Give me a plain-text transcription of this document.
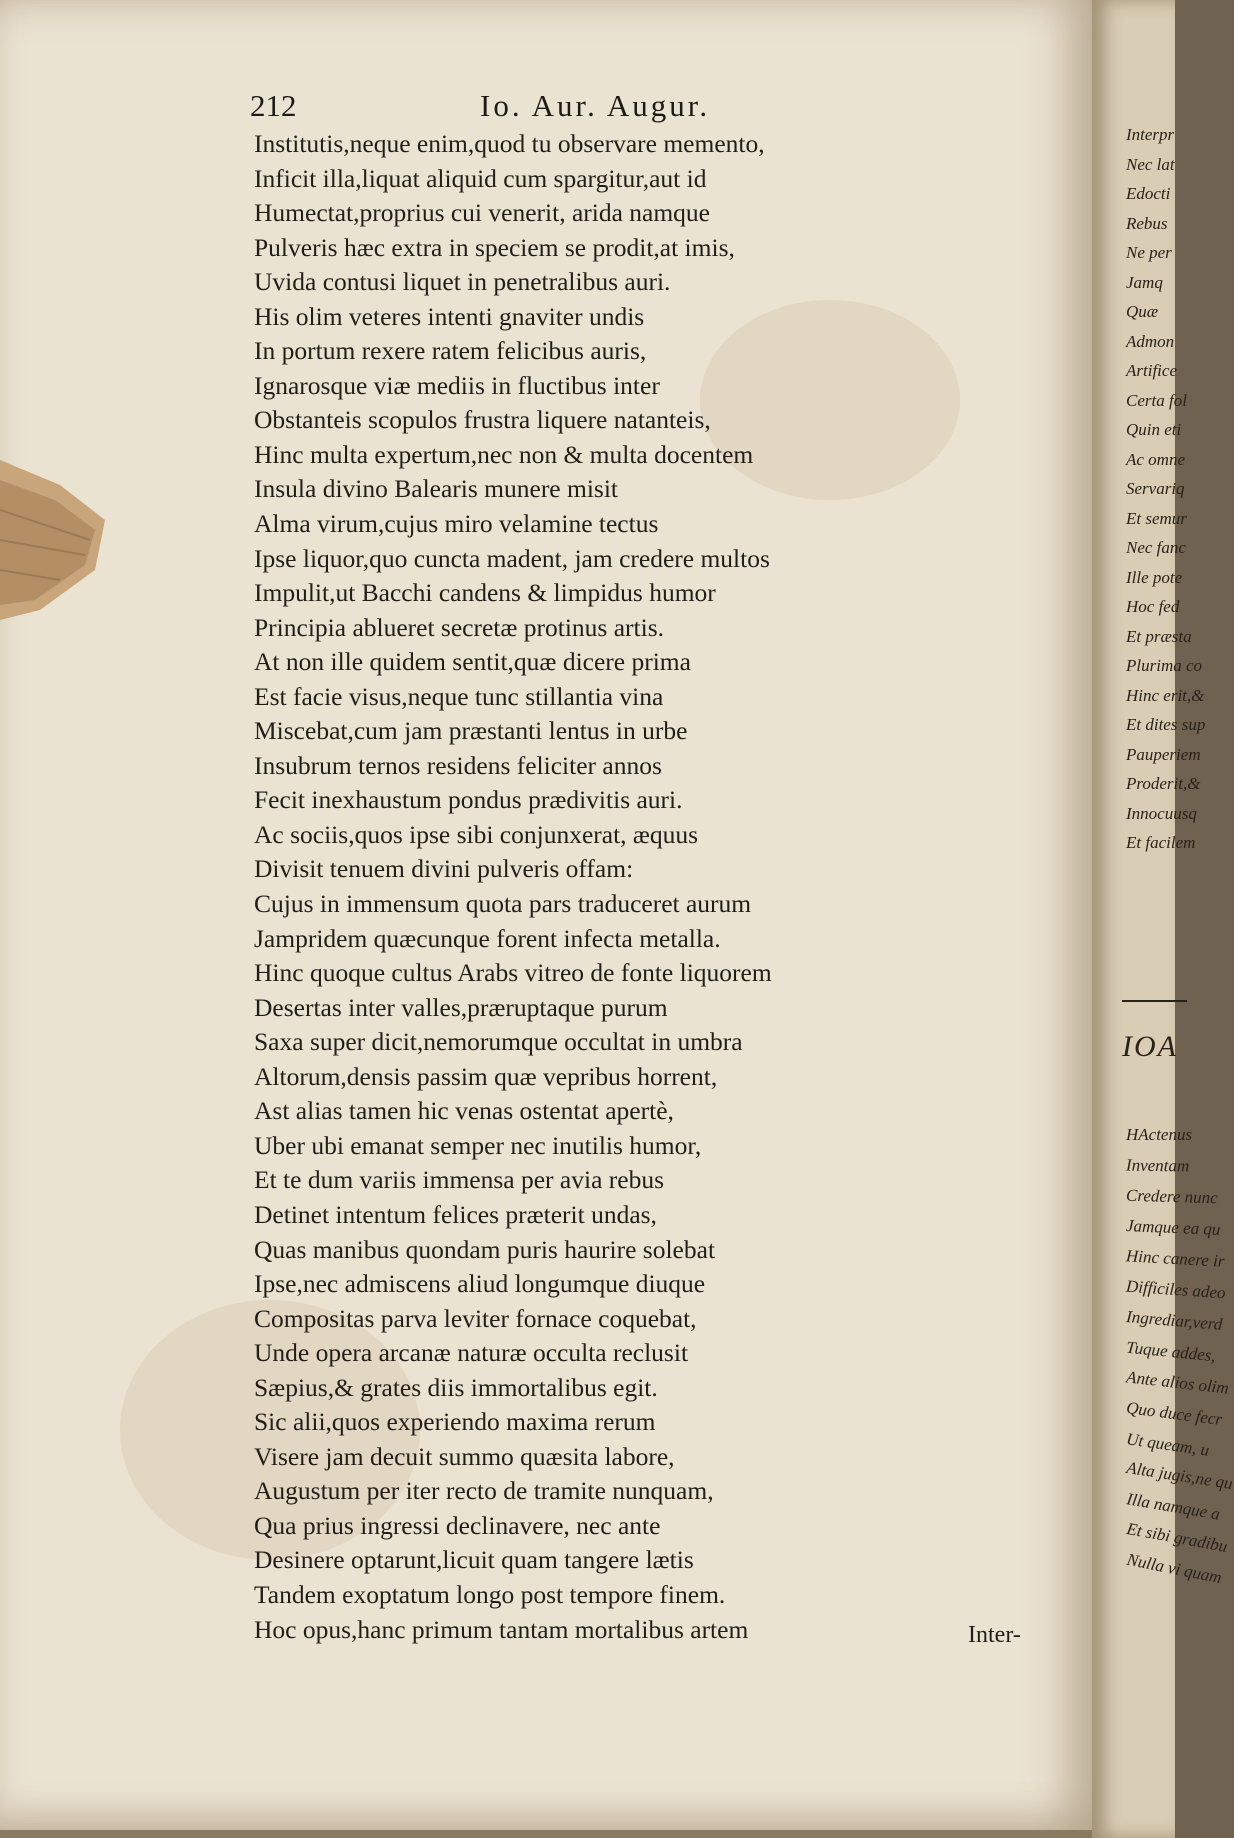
212	Io. Aur. Augur.
Institutis,neque enim,quod tu observare memento,
Inficit illa,liquat aliquid cum spargitur,aut id
Humectat,proprius cui venerit, arida namque
Pulveris hæc extra in speciem se prodit,at imis,
Uvida contusi liquet in penetralibus auri.
His olim veteres intenti gnaviter undis
In portum rexere ratem felicibus auris,
Ignarosque viæ mediis in fluctibus inter
Obstanteis scopulos frustra liquere natanteis,
Hinc multa expertum,nec non & multa docentem
Insula divino Balearis munere misit
Alma virum,cujus miro velamine tectus
Ipse liquor,quo cuncta madent, jam credere multos
Impulit,ut Bacchi candens & limpidus humor
Principia ablueret secretæ protinus artis.
At non ille quidem sentit,quæ dicere prima
Est facie visus,neque tunc stillantia vina
Miscebat,cum jam præstanti lentus in urbe
Insubrum ternos residens feliciter annos
Fecit inexhaustum pondus prædivitis auri.
Ac sociis,quos ipse sibi conjunxerat, æquus
Divisit tenuem divini pulveris offam:
Cujus in immensum quota pars traduceret aurum
Jampridem quæcunque forent infecta metalla.
Hinc quoque cultus Arabs vitreo de fonte liquorem
Desertas inter valles,præruptaque purum
Saxa super dicit,nemorumque occultat in umbra
Altorum,densis passim quæ vepribus horrent,
Ast alias tamen hic venas ostentat apertè,
Uber ubi emanat semper nec inutilis humor,
Et te dum variis immensa per avia rebus
Detinet intentum felices præterit undas,
Quas manibus quondam puris haurire solebat
Ipse,nec admiscens aliud longumque diuque
Compositas parva leviter fornace coquebat,
Unde opera arcanæ naturæ occulta reclusit
Sæpius,& grates diis immortalibus egit.
Sic alii,quos experiendo maxima rerum
Visere jam decuit summo quæsita labore,
Augustum per iter recto de tramite nunquam,
Qua prius ingressi declinavere, nec ante
Desinere optarunt,licuit quam tangere lætis
Tandem exoptatum longo post tempore finem.
Hoc opus,hanc primum tantam mortalibus artem	Inter-
Interpr
Nec lat
Edocti
Rebus
Ne per
Jamq
Quæ
Admon
Artifice
Certa fol
Quin eti
Ac omne
Servariq
Et semur
Nec fanc
Ille pote
Hoc fed
Et præsta
Plurima co
Hinc erit,&
Et dites sup
Pauperiem
Proderit,&
Innocuusq
Et facilem
IOA
HActenus
Inventam
Credere nunc
Jamque ea qu
Hinc canere ir
Difficiles adeo
Ingrediar,verd
Tuque addes,
Ante alios olim
Quo duce fecr
Ut queam, u
Alta jugis,ne qu
Illa namque a
Et sibi gradibu
Nulla vi quam
